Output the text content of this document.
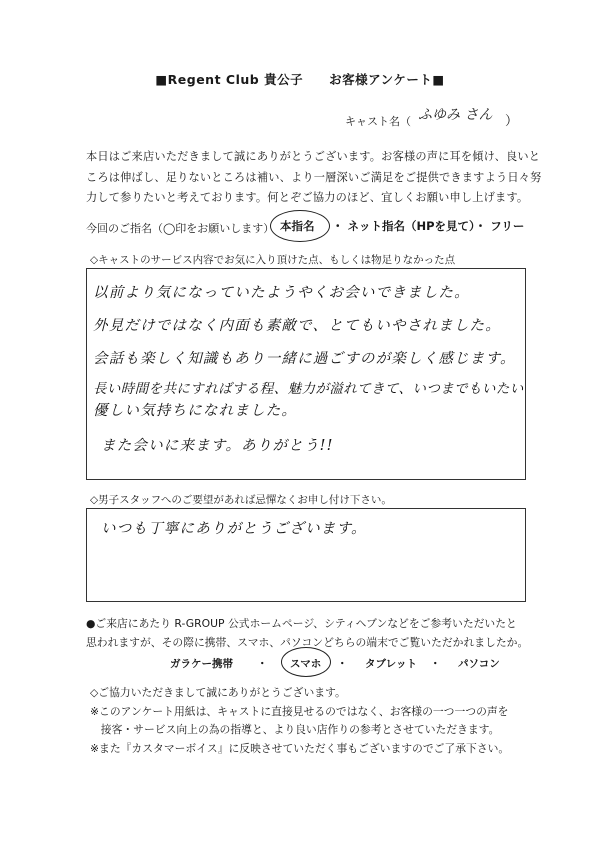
■Regent Club 貴公子　　お客様アンケート■
キャスト名（ ふゆみ さん ）

本日はご来店いただきまして誠にありがとうございます。お客様の声に耳を傾け、良いと

ころは伸ばし、足りないところは補い、より一層深いご満足をご提供できますよう日々努

力して参りたいと考えております。何とぞご協力のほど、宜しくお願い申し上げます。

今回のご指名（◯印をお願いします） 本指名 ・ ネット指名（HPを見て）・ フリー
◇キャストのサービス内容でお気に入り頂けた点、もしくは物足りなかった点
以前より気になっていたようやくお会いできました。
外見だけではなく内面も素敵で、とてもいやされました。
会話も楽しく知識もあり一緒に過ごすのが楽しく感じます。
長い時間を共にすればする程、魅力が溢れてきて、いつまでもいたい
優しい気持ちになれました。
また会いに来ます。ありがとう!!
◇男子スタッフへのご要望があれば忌憚なくお申し付け下さい。
いつも丁寧にありがとうございます。

●ご来店にあたり R-GROUP 公式ホームページ、シティヘブンなどをご参考いただいたと

思われますが、その際に携帯、スマホ、パソコンどちらの端末でご覧いただかれましたか。

ガラケー携帯 ・ スマホ ・ タブレット ・ パソコン

◇ご協力いただきまして誠にありがとうございます。

※このアンケート用紙は、キャストに直接見せるのではなく、お客様の一つ一つの声を

　接客・サービス向上の為の指導と、より良い店作りの参考とさせていただきます。

※また『カスタマーボイス』に反映させていただく事もございますのでご了承下さい。
